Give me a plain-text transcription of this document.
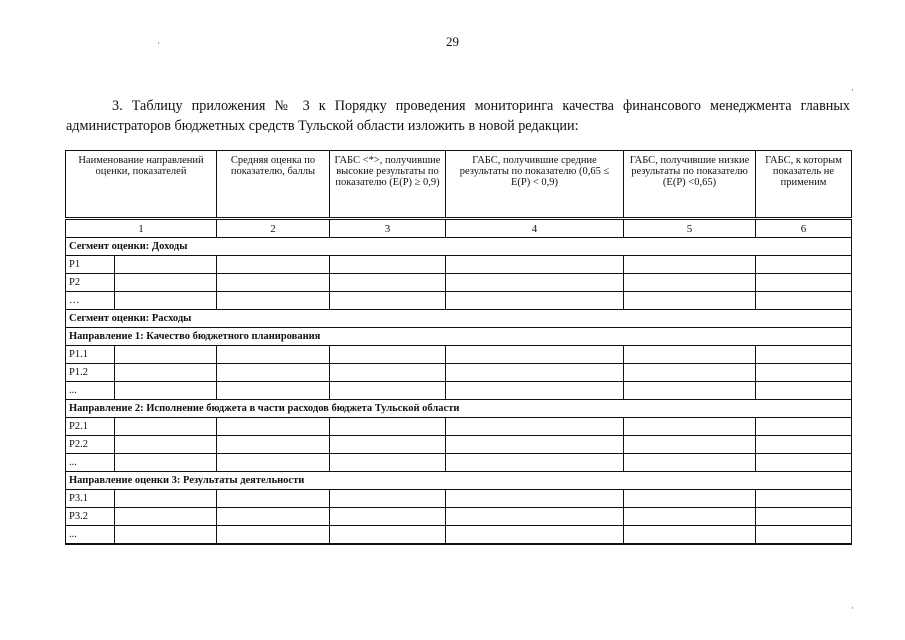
29
·
·
·
3. Таблицу приложения № 3 к Порядку проведения мониторинга качества финансового менеджмента главных администраторов бюджетных средств Тульской области изложить в новой редакции:
Наименование направлений оценки, показателей		Средняя оценка по показателю, баллы	ГАБС <*>, получившие высокие результаты по показателю (E(P) ≥ 0,9)	ГАБС, получившие средние результаты по показателю (0,65 ≤ E(P) < 0,9)	ГАБС, получившие низкие результаты по показателю (E(P) <0,65)	ГАБС, к которым показатель не применим
1		2	3	4	5	6
Сегмент оценки: Доходы						
P1						
P2						
…						
Сегмент оценки: Расходы						
Направление 1: Качество бюджетного планирования						
P1.1						
P1.2						
...						
Направление 2: Исполнение бюджета в части расходов бюджета Тульской области						
P2.1						
P2.2						
...						
Направление оценки 3: Результаты деятельности						
P3.1						
P3.2						
...						
